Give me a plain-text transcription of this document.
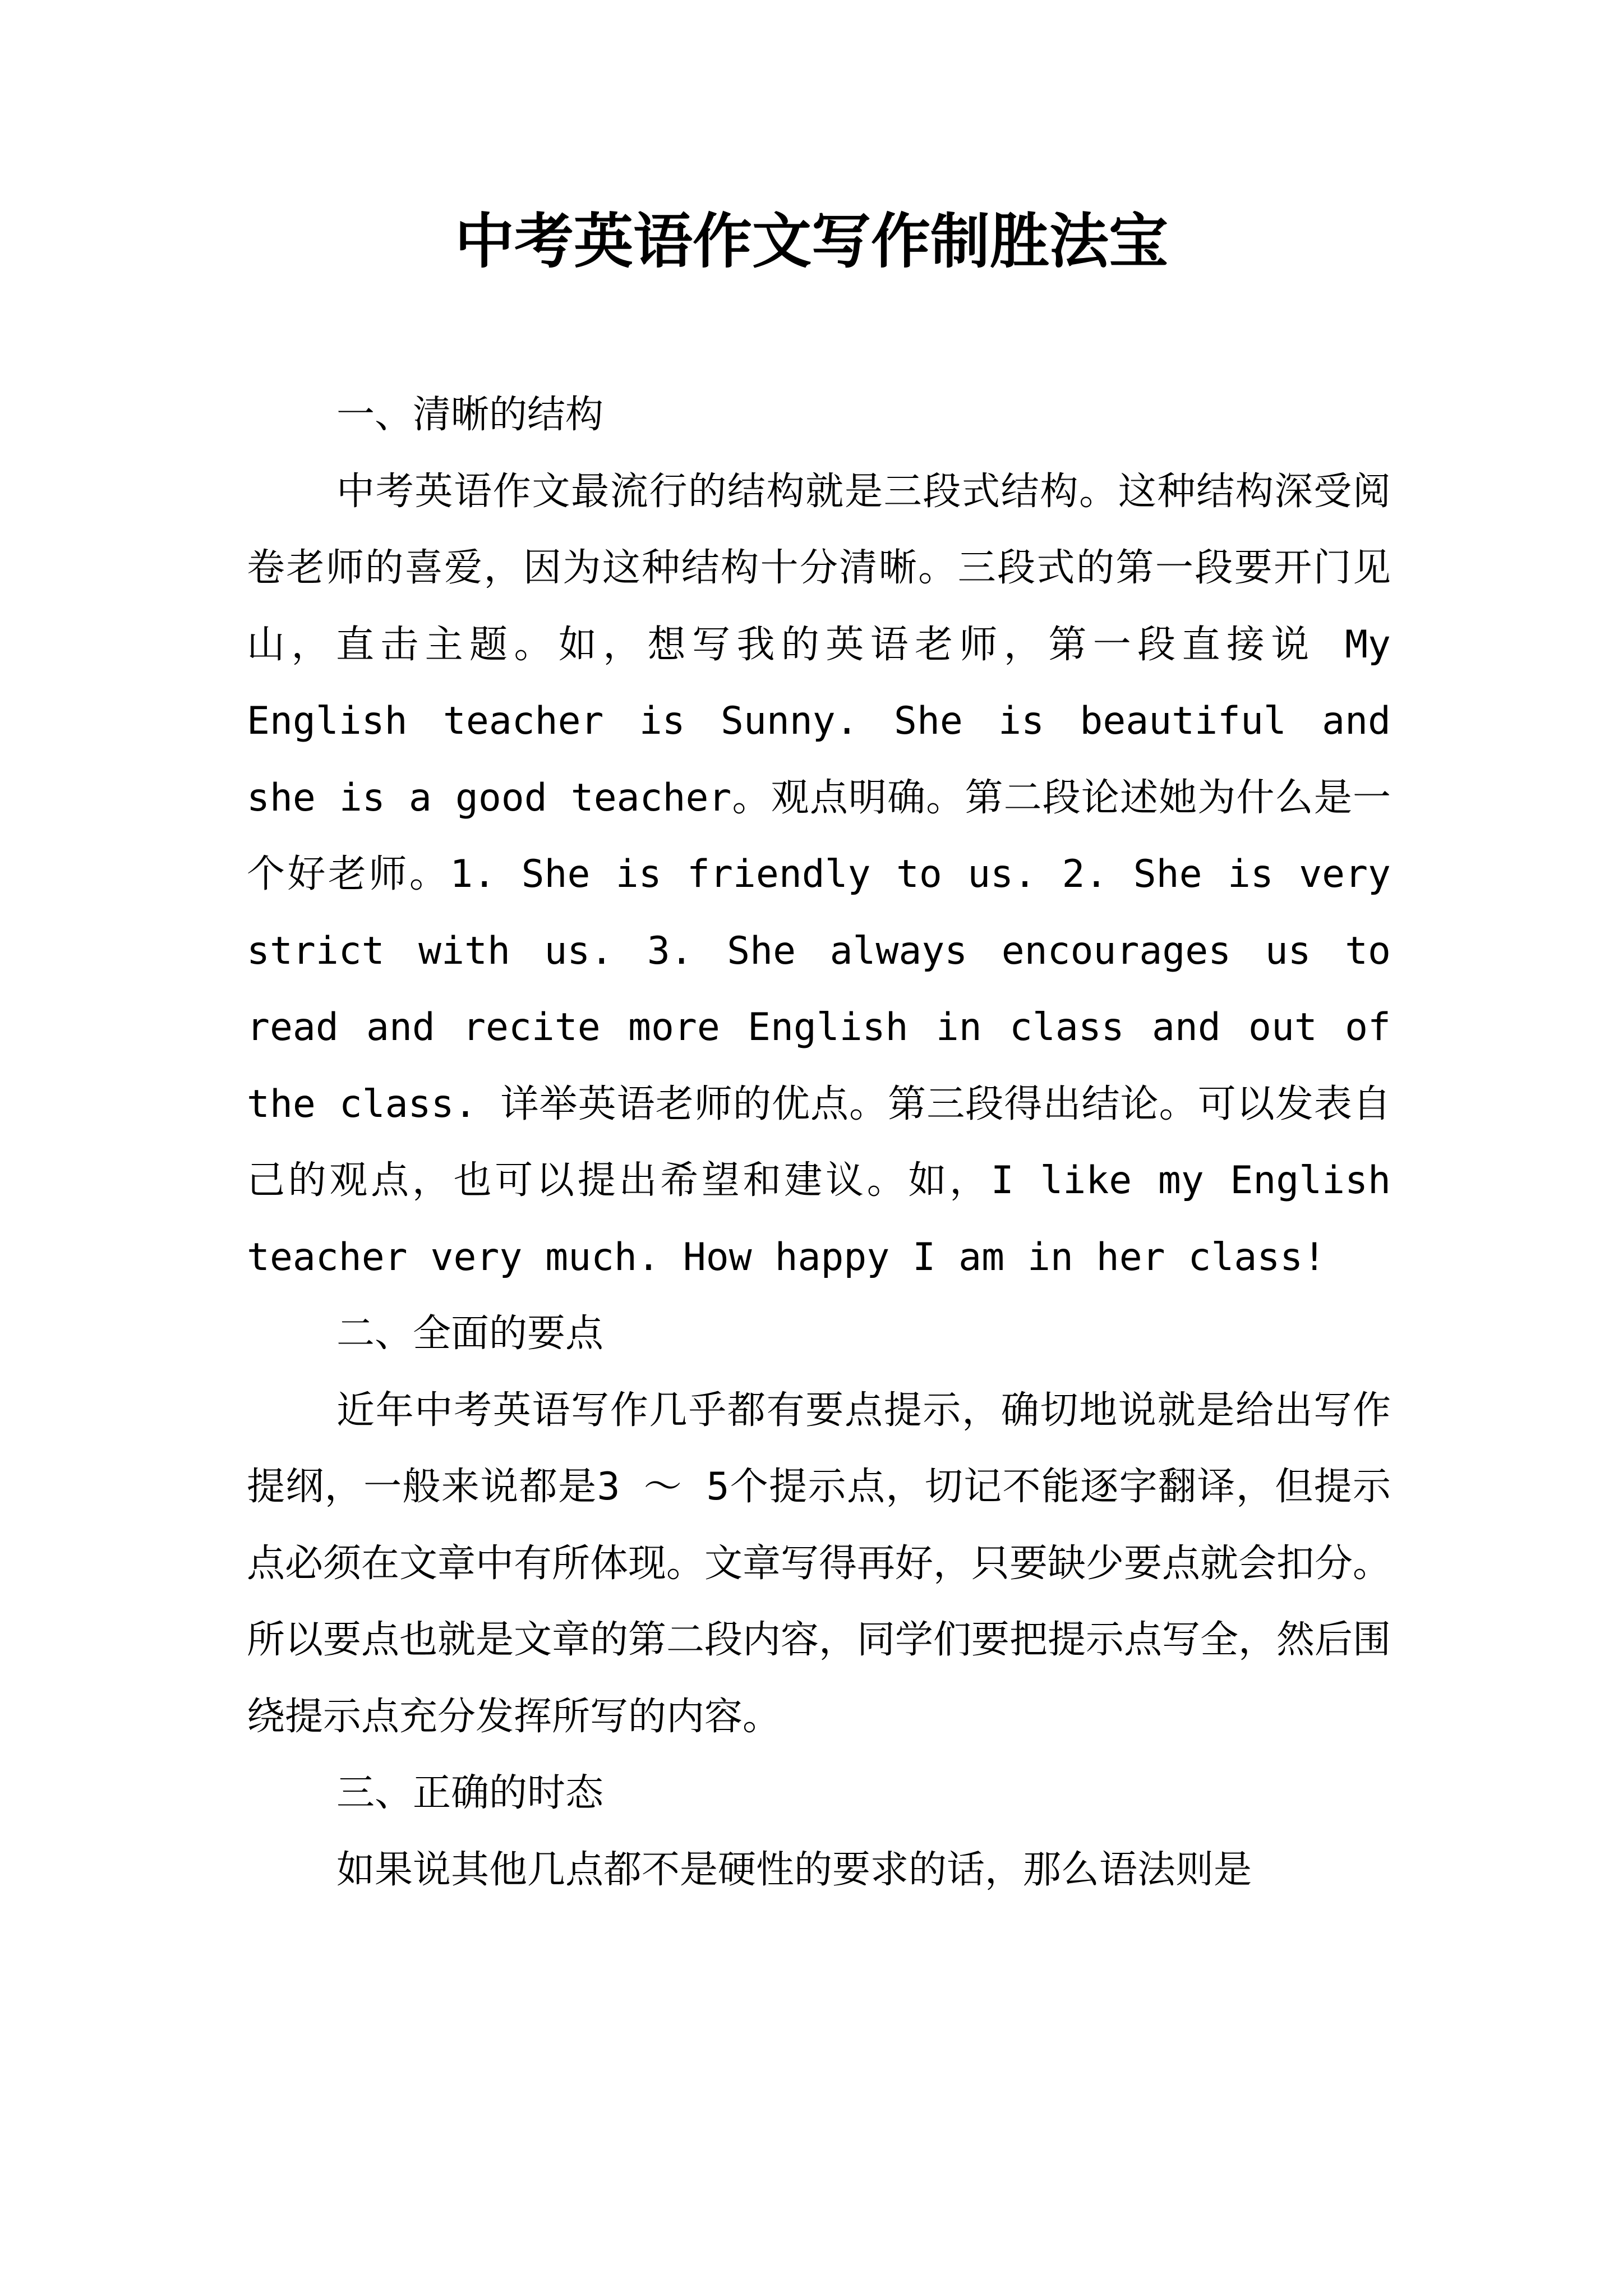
中考英语作文写作制胜法宝

一、清晰的结构

中考英语作文最流行的结构就是三段式结构。这种结构深受阅卷老师的喜爱，因为这种结构十分清晰。三段式的第一段要开门见山，直击主题。如，想写我的英语老师，第一段直接说 My English teacher is Sunny. She is beautiful and she is a good teacher。观点明确。第二段论述她为什么是一个好老师。1. She is friendly to us. 2. She is very strict with us. 3. She always encourages us to read and recite more English in class and out of the class. 详举英语老师的优点。第三段得出结论。可以发表自己的观点，也可以提出希望和建议。如，I like my English teacher very much. How happy I am in her class!

二、全面的要点

近年中考英语写作几乎都有要点提示，确切地说就是给出写作提纲，一般来说都是3 ～ 5个提示点，切记不能逐字翻译，但提示点必须在文章中有所体现。文章写得再好，只要缺少要点就会扣分。所以要点也就是文章的第二段内容，同学们要把提示点写全，然后围绕提示点充分发挥所写的内容。

三、正确的时态

如果说其他几点都不是硬性的要求的话，那么语法则是
